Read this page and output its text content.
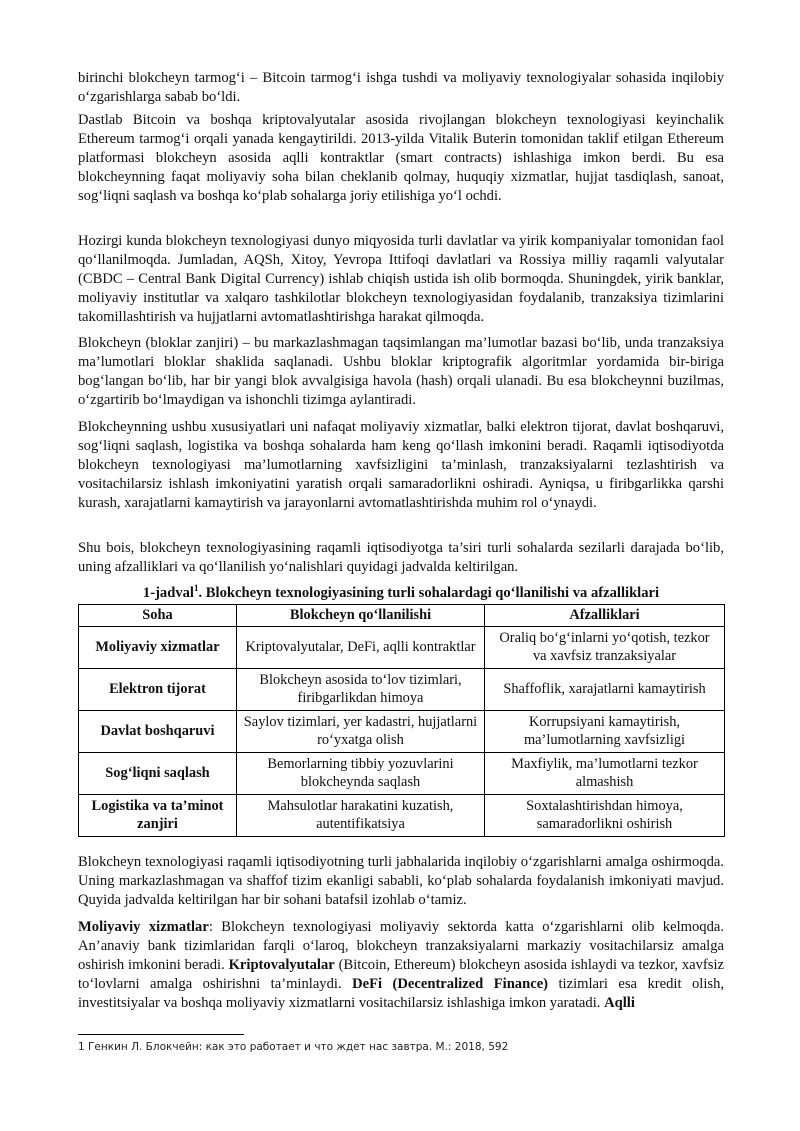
birinchi blokcheyn tarmog‘i – Bitcoin tarmog‘i ishga tushdi va moliyaviy texnologiyalar sohasida inqilobiy o‘zgarishlarga sabab bo‘ldi.

Dastlab Bitcoin va boshqa kriptovalyutalar asosida rivojlangan blokcheyn texnologiyasi keyinchalik Ethereum tarmog‘i orqali yanada kengaytirildi. 2013-yilda Vitalik Buterin tomonidan taklif etilgan Ethereum platformasi blokcheyn asosida aqlli kontraktlar (smart contracts) ishlashiga imkon berdi. Bu esa blokcheynning faqat moliyaviy soha bilan cheklanib qolmay, huquqiy xizmatlar, hujjat tasdiqlash, sanoat, sog‘liqni saqlash va boshqa ko‘plab sohalarga joriy etilishiga yo‘l ochdi.

Hozirgi kunda blokcheyn texnologiyasi dunyo miqyosida turli davlatlar va yirik kompaniyalar tomonidan faol qo‘llanilmoqda. Jumladan, AQSh, Xitoy, Yevropa Ittifoqi davlatlari va Rossiya milliy raqamli valyutalar (CBDC – Central Bank Digital Currency) ishlab chiqish ustida ish olib bormoqda. Shuningdek, yirik banklar, moliyaviy institutlar va xalqaro tashkilotlar blokcheyn texnologiyasidan foydalanib, tranzaksiya tizimlarini takomillashtirish va hujjatlarni avtomatlashtirishga harakat qilmoqda.

Blokcheyn (bloklar zanjiri) – bu markazlashmagan taqsimlangan ma’lumotlar bazasi bo‘lib, unda tranzaksiya ma’lumotlari bloklar shaklida saqlanadi. Ushbu bloklar kriptografik algoritmlar yordamida bir-biriga bog‘langan bo‘lib, har bir yangi blok avvalgisiga havola (hash) orqali ulanadi. Bu esa blokcheynni buzilmas, o‘zgartirib bo‘lmaydigan va ishonchli tizimga aylantiradi.

Blokcheynning ushbu xususiyatlari uni nafaqat moliyaviy xizmatlar, balki elektron tijorat, davlat boshqaruvi, sog‘liqni saqlash, logistika va boshqa sohalarda ham keng qo‘llash imkonini beradi. Raqamli iqtisodiyotda blokcheyn texnologiyasi ma’lumotlarning xavfsizligini ta’minlash, tranzaksiyalarni tezlashtirish va vositachilarsiz ishlash imkoniyatini yaratish orqali samaradorlikni oshiradi. Ayniqsa, u firibgarlikka qarshi kurash, xarajatlarni kamaytirish va jarayonlarni avtomatlashtirishda muhim rol o‘ynaydi.

Shu bois, blokcheyn texnologiyasining raqamli iqtisodiyotga ta’siri turli sohalarda sezilarli darajada bo‘lib, uning afzalliklari va qo‘llanilish yo‘nalishlari quyidagi jadvalda keltirilgan.

1-jadval$^1$. Blokcheyn texnologiyasining turli sohalardagi qo‘llanilishi va afzalliklari
Soha	Blokcheyn qo‘llanilishi	Afzalliklari
Moliyaviy xizmatlar	Kriptovalyutalar, DeFi, aqlli kontraktlar	Oraliq bo‘g‘inlarni yo‘qotish, tezkor va xavfsiz tranzaksiyalar
Elektron tijorat	Blokcheyn asosida to‘lov tizimlari, firibgarlikdan himoya	Shaffoflik, xarajatlarni kamaytirish
Davlat boshqaruvi	Saylov tizimlari, yer kadastri, hujjatlarni ro‘yxatga olish	Korrupsiyani kamaytirish, ma’lumotlarning xavfsizligi
Sog‘liqni saqlash	Bemorlarning tibbiy yozuvlarini blokcheynda saqlash	Maxfiylik, ma’lumotlarni tezkor almashish
Logistika va ta’minot zanjiri	Mahsulotlar harakatini kuzatish, autentifikatsiya	Soxtalashtirishdan himoya, samaradorlikni oshirish

Blokcheyn texnologiyasi raqamli iqtisodiyotning turli jabhalarida inqilobiy o‘zgarishlarni amalga oshirmoqda. Uning markazlashmagan va shaffof tizim ekanligi sababli, ko‘plab sohalarda foydalanish imkoniyati mavjud. Quyida jadvalda keltirilgan har bir sohani batafsil izohlab o‘tamiz.

Moliyaviy xizmatlar: Blokcheyn texnologiyasi moliyaviy sektorda katta o‘zgarishlarni olib kelmoqda. An’anaviy bank tizimlaridan farqli o‘laroq, blokcheyn tranzaksiyalarni markaziy vositachilarsiz amalga oshirish imkonini beradi. Kriptovalyutalar (Bitcoin, Ethereum) blokcheyn asosida ishlaydi va tezkor, xavfsiz to‘lovlarni amalga oshirishni ta’minlaydi. DeFi (Decentralized Finance) tizimlari esa kredit olish, investitsiyalar va boshqa moliyaviy xizmatlarni vositachilarsiz ishlashiga imkon yaratadi. Aqlli

1 Генкин Л. Блокчейн: как это работает и что ждет нас завтра. М.: 2018, 592
